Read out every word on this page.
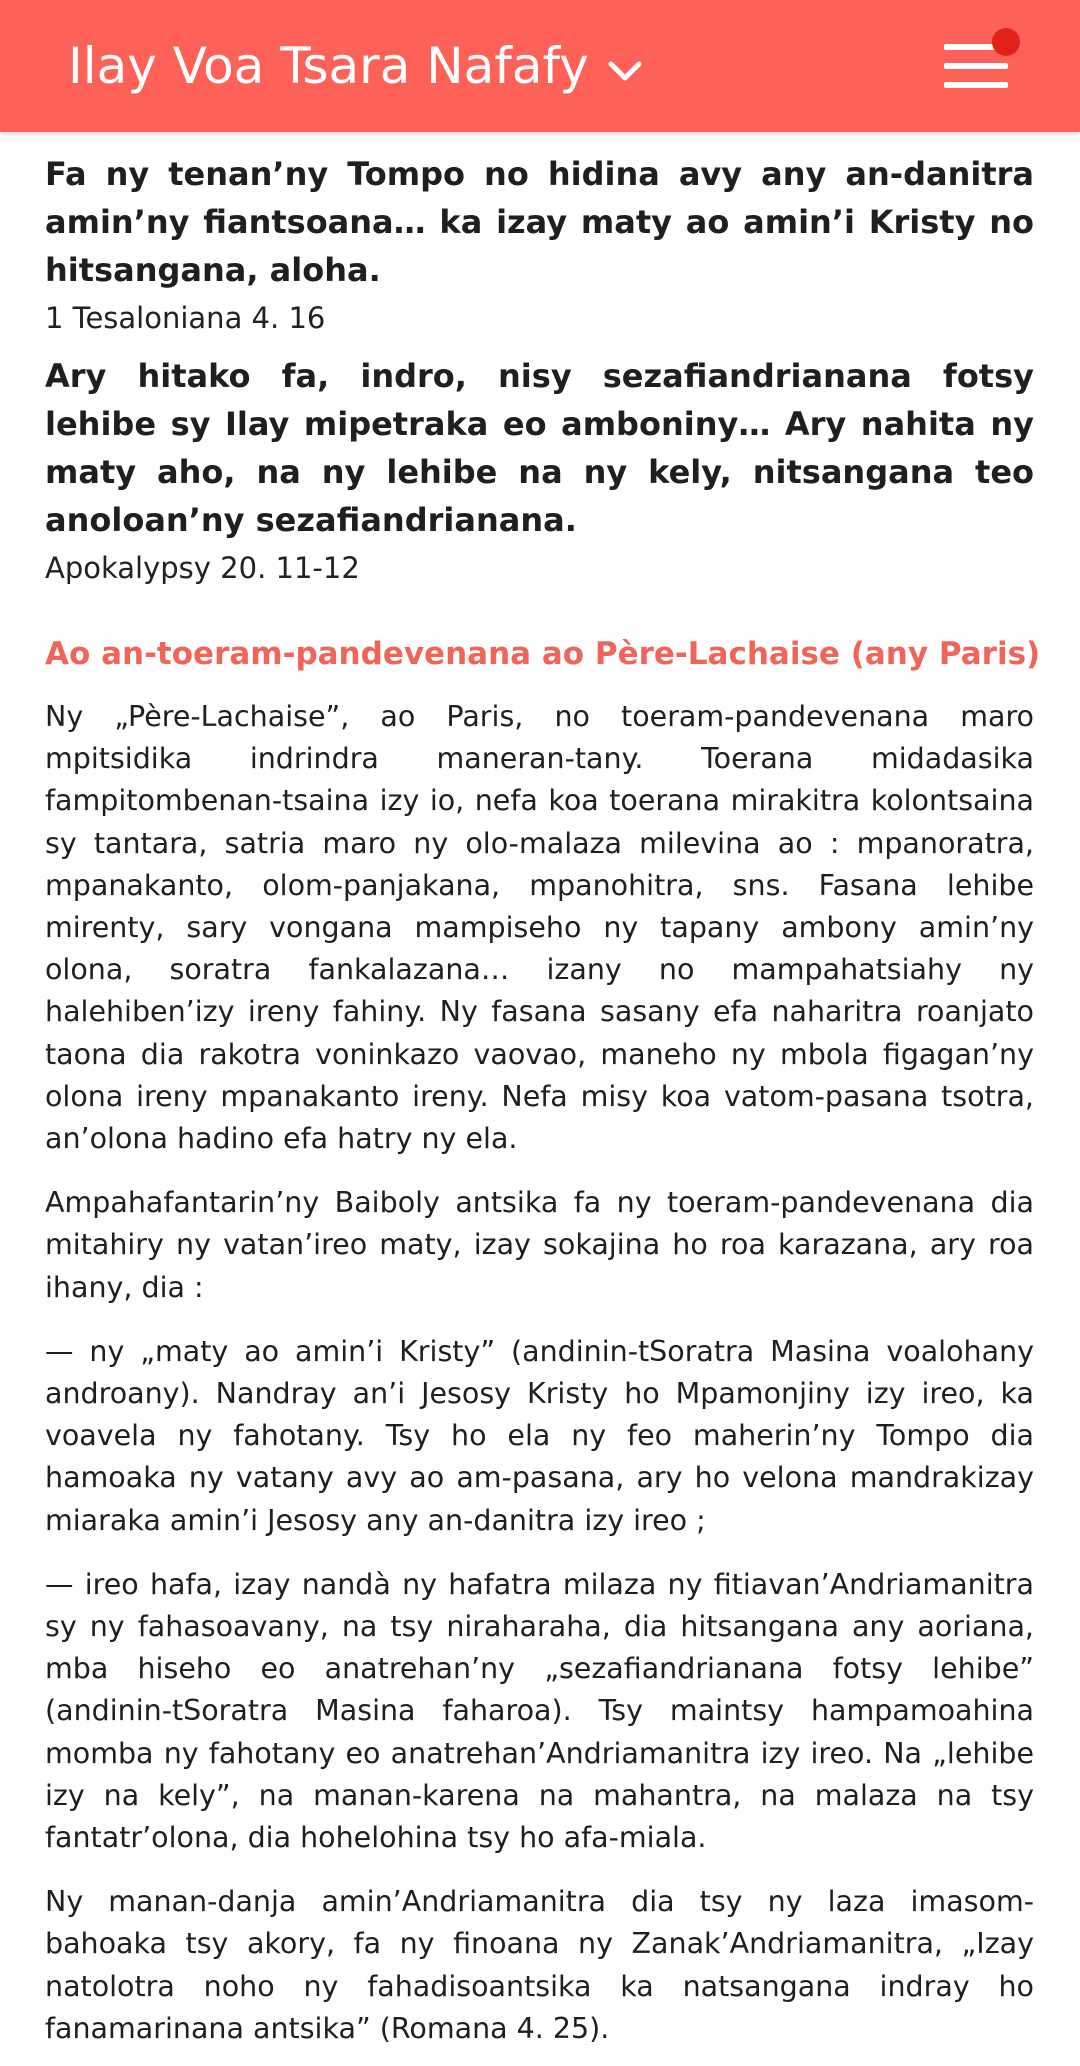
Ilay Voa Tsara Nafafy

Fa ny tenan’ny Tompo no hidina avy any an-danitra amin’ny fiantsoana… ka izay maty ao amin’i Kristy no hitsangana, aloha.

1 Tesaloniana 4. 16

Ary hitako fa, indro, nisy sezafiandrianana fotsy lehibe sy Ilay mipetraka eo amboniny… Ary nahita ny maty aho, na ny lehibe na ny kely, nitsangana teo anoloan’ny sezafiandrianana.

Apokalypsy 20. 11-12
Ao an-toeram-pandevenana ao Père-Lachaise (any Paris)

Ny „Père-Lachaise”, ao Paris, no toeram-pandevenana maro mpitsidika indrindra maneran-tany. Toerana midadasika fampitombenan-tsaina izy io, nefa koa toerana mirakitra kolontsaina sy tantara, satria maro ny olo-malaza milevina ao : mpanoratra, mpanakanto, olom-panjakana, mpanohitra, sns. Fasana lehibe mirenty, sary vongana mampiseho ny tapany ambony amin’ny olona, soratra fankalazana… izany no mampahatsiahy ny halehiben’izy ireny fahiny. Ny fasana sasany efa naharitra roanjato taona dia rakotra voninkazo vaovao, maneho ny mbola figagan’ny olona ireny mpanakanto ireny. Nefa misy koa vatom-pasana tsotra, an’olona hadino efa hatry ny ela.

Ampahafantarin’ny Baiboly antsika fa ny toeram-pandevenana dia mitahiry ny vatan’ireo maty, izay sokajina ho roa karazana, ary roa ihany, dia :

— ny „maty ao amin’i Kristy” (andinin-tSoratra Masina voalohany androany). Nandray an’i Jesosy Kristy ho Mpamonjiny izy ireo, ka voavela ny fahotany. Tsy ho ela ny feo maherin’ny Tompo dia hamoaka ny vatany avy ao am-pasana, ary ho velona mandrakizay miaraka amin’i Jesosy any an-danitra izy ireo ;

— ireo hafa, izay nandà ny hafatra milaza ny fitiavan’Andriamanitra sy ny fahasoavany, na tsy niraharaha, dia hitsangana any aoriana, mba hiseho eo anatrehan’ny „sezafiandrianana fotsy lehibe” (andinin-tSoratra Masina faharoa). Tsy maintsy hampamoahina momba ny fahotany eo anatrehan’Andriamanitra izy ireo. Na „lehibe izy na kely”, na manan-karena na mahantra, na malaza na tsy fantatr’olona, dia hohelohina tsy ho afa-miala.

Ny manan-danja amin’Andriamanitra dia tsy ny laza imasom-bahoaka tsy akory, fa ny finoana ny Zanak’Andriamanitra, „Izay natolotra noho ny fahadisoantsika ka natsangana indray ho fanamarinana antsika” (Romana 4. 25).
